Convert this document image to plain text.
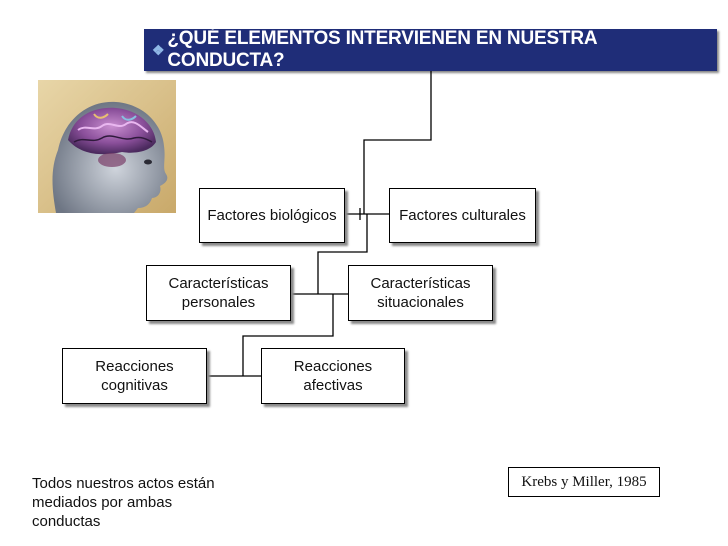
❖
¿QUÉ ELEMENTOS INTERVIENEN EN NUESTRA CONDUCTA?
Factores biológicos	Factores culturales
Características personales
Características situacionales
Reacciones cognitivas
Reacciones afectivas
Todos nuestros actos están mediados por ambas conductas
Krebs y Miller, 1985
